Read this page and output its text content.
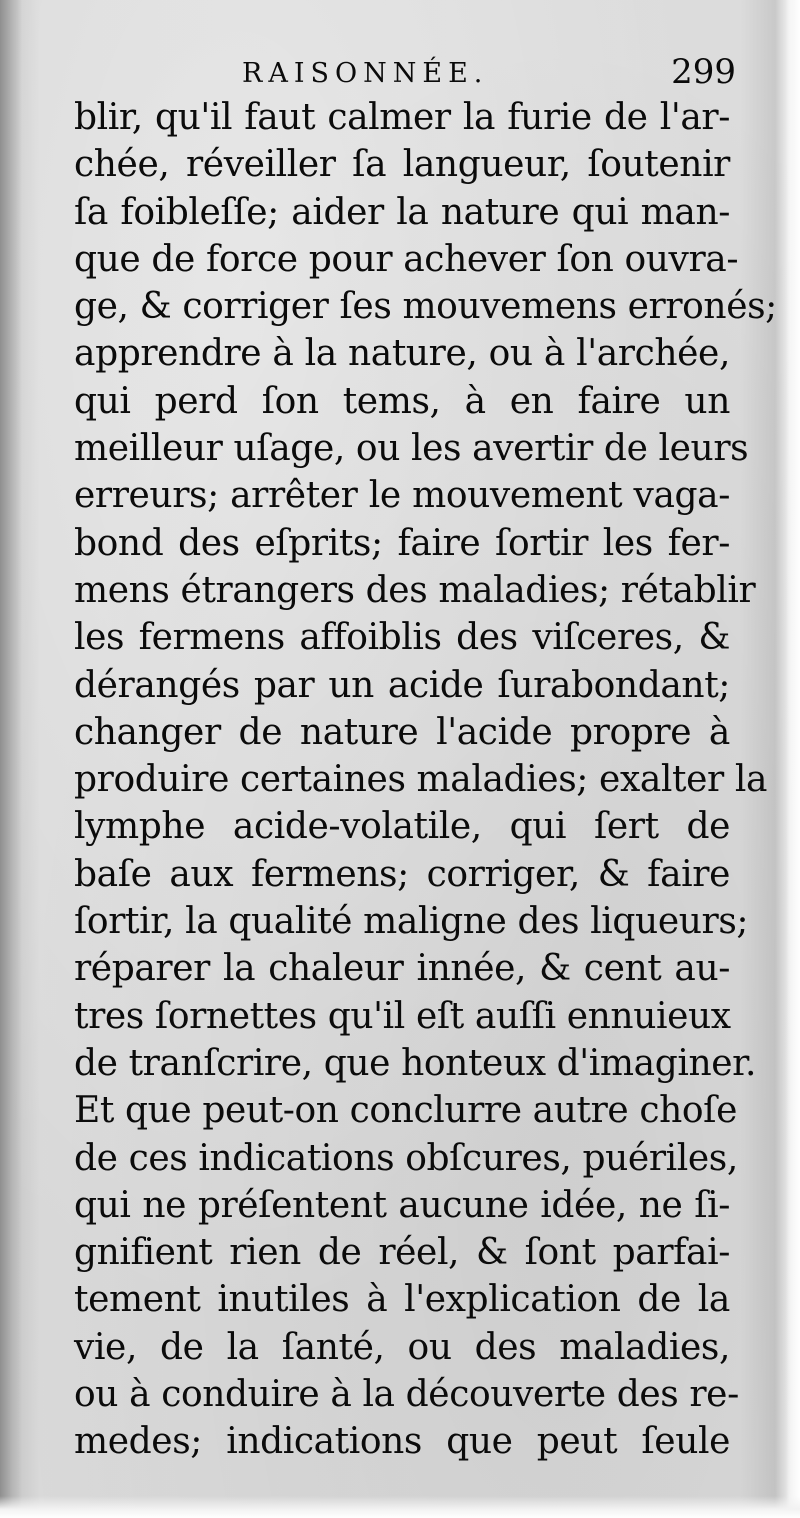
RAISONNÉE.	299
blir, qu'il faut calmer la furie de l'ar-
chée, réveiller ſa langueur, ſoutenir
ſa foibleſſe; aider la nature qui man-
que de force pour achever ſon ouvra-
ge, & corriger ſes mouvemens erronés;
apprendre à la nature, ou à l'archée,
qui perd ſon tems, à en faire un
meilleur uſage, ou les avertir de leurs
erreurs; arrêter le mouvement vaga-
bond des eſprits; faire ſortir les fer-
mens étrangers des maladies; rétablir
les fermens affoiblis des viſceres, &
dérangés par un acide ſurabondant;
changer de nature l'acide propre à
produire certaines maladies; exalter la
lymphe acide-volatile, qui ſert de
baſe aux fermens; corriger, & faire
ſortir, la qualité maligne des liqueurs;
réparer la chaleur innée, & cent au-
tres ſornettes qu'il eſt auſſi ennuieux
de tranſcrire, que honteux d'imaginer.
Et que peut-on conclurre autre choſe
de ces indications obſcures, puériles,
qui ne préſentent aucune idée, ne ſi-
gnifient rien de réel, & ſont parfai-
tement inutiles à l'explication de la
vie, de la ſanté, ou des maladies,
ou à conduire à la découverte des re-
medes; indications que peut ſeule
